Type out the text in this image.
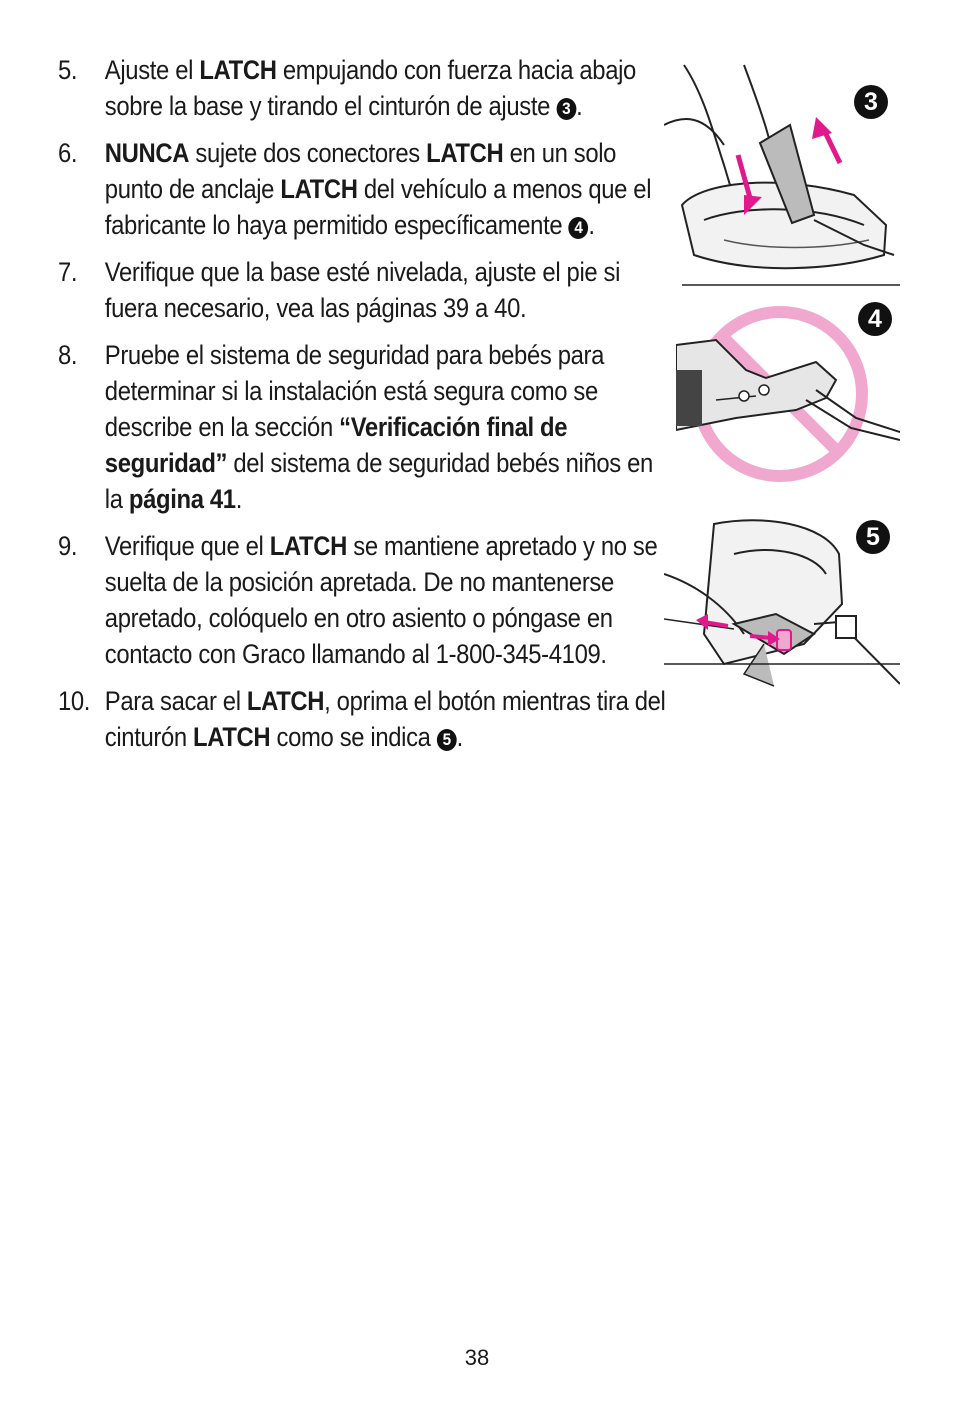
5.	Ajuste el LATCH empujando con fuerza hacia abajo sobre la base y tirando el cinturón de ajuste 3 .
6.	NUNCA sujete dos conectores LATCH en un solo punto de anclaje LATCH del vehículo a menos que el fabricante lo haya permitido específicamente 4 .
7.	Verifique que la base esté nivelada, ajuste el pie si fuera necesario, vea las páginas 39 a 40.
8.	Pruebe el sistema de seguridad para bebés para determinar si la instalación está segura como se describe en la sección “Verificación final de seguridad” del sistema de seguridad bebés niños en la página 41.
9.	Verifique que el LATCH se mantiene apretado y no se suelta de la posición apretada. De no mantenerse apretado, colóquelo en otro asiento o póngase en contacto con Graco llamando al 1-800-345-4109.
10. Para sacar el LATCH, oprima el botón mientras tira del cinturón LATCH como se indica 5 .
3
4
5
38
